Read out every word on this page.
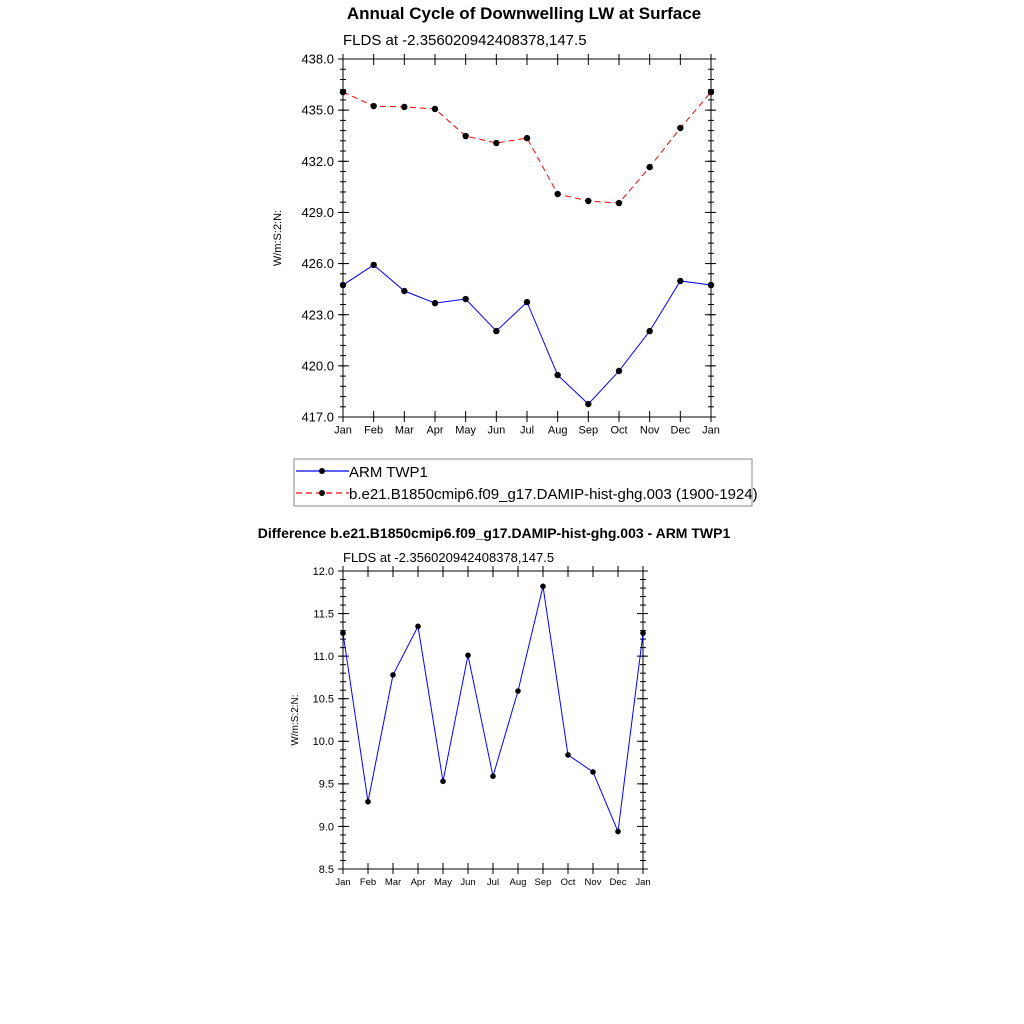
Annual Cycle of Downwelling LW at Surface
FLDS at -2.356020942408378,147.5
W/m:S:2:N:
Jan Feb Mar Apr May Jun Jul Aug Sep Oct Nov Dec Jan
417.0
420.0
423.0
426.0
429.0
432.0
435.0
438.0
ARM TWP1
b.e21.B1850cmip6.f09_g17.DAMIP-hist-ghg.003 (1900-1924)
Difference b.e21.B1850cmip6.f09_g17.DAMIP-hist-ghg.003 - ARM TWP1
FLDS at -2.356020942408378,147.5
W/m:S:2:N:
Jan Feb Mar Apr May Jun Jul Aug Sep Oct Nov Dec Jan
8.5
9.0
9.5
10.0
10.5
11.0
11.5
12.0
